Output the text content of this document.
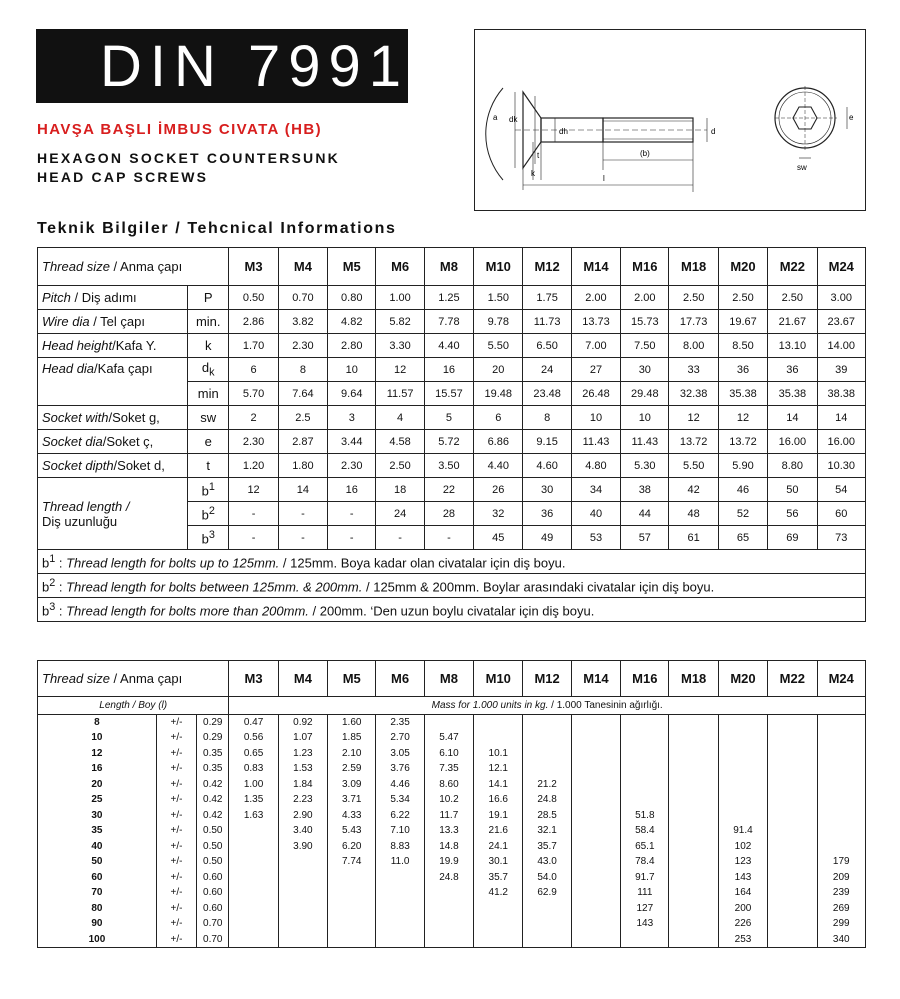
DIN 7991
HAVŞA BAŞLI İMBUS CIVATA (HB)
HEXAGON SOCKET COUNTERSUNK
HEAD CAP SCREWS
a dk
dh	d
(b)
l
t
k
e
sw
Teknik Bilgiler / Tehcnical Informations
Thread size / Anma çapı		M3	M4	M5	M6	M8	M10	M12	M14	M16	M18	M20	M22	M24
Pitch / Diş adımı	P	0.50	0.70	0.80	1.00	1.25	1.50	1.75	2.00	2.00	2.50	2.50	2.50	3.00
Wire dia / Tel çapı	min.	2.86	3.82	4.82	5.82	7.78	9.78	11.73	13.73	15.73	17.73	19.67	21.67	23.67
Head height/Kafa Y.	k	1.70	2.30	2.80	3.30	4.40	5.50	6.50	7.00	7.50	8.00	8.50	13.10	14.00
Head dia/Kafa çapı	$d_k$	6	8	10	12	16	20	24	27	30	33	36	36	39
	min	5.70	7.64	9.64	11.57	15.57	19.48	23.48	26.48	29.48	32.38	35.38	35.38	38.38
Socket with/Soket g,	sw	2	2.5	3	4	5	6	8	10	10	12	12	14	14
Socket dia/Soket ç,	e	2.30	2.87	3.44	4.58	5.72	6.86	9.15	11.43	11.43	13.72	13.72	16.00	16.00
Socket dipth/Soket d,	t	1.20	1.80	2.30	2.50	3.50	4.40	4.60	4.80	5.30	5.50	5.90	8.80	10.30

Thread length /
Diş uzunluğu	$b^1$	12	14	16	18	22	26	30	34	38	42	46	50	54
	$b^2$	-	-	-	24	28	32	36	40	44	48	52	56	60
	$b^3$	-	-	-	-	-	45	49	53	57	61	65	69	73
$b^1$ : Thread length for bolts up to 125mm. / 125mm. Boya kadar olan civatalar için diş boyu.														
$b^2$ : Thread length for bolts between 125mm. & 200mm. / 125mm & 200mm. Boylar arasındaki civatalar için diş boyu.														
$b^3$ : Thread length for bolts more than 200mm. / 200mm. ‘Den uzun boylu civatalar için diş boyu.														
Thread size / Anma çapı			M3	M4	M5	M6	M8	M10	M12	M14	M16	M18	M20	M22	M24
Length / Boy (l)			Mass for 1.000 units in kg. / 1.000 Tanesinin ağırlığı.												
8	+/-	0.29	0.47	0.92	1.60	2.35									
10	+/-	0.29	0.56	1.07	1.85	2.70	5.47								
12	+/-	0.35	0.65	1.23	2.10	3.05	6.10	10.1							
16	+/-	0.35	0.83	1.53	2.59	3.76	7.35	12.1							
20	+/-	0.42	1.00	1.84	3.09	4.46	8.60	14.1	21.2						
25	+/-	0.42	1.35	2.23	3.71	5.34	10.2	16.6	24.8						
30	+/-	0.42	1.63	2.90	4.33	6.22	11.7	19.1	28.5		51.8				
35	+/-	0.50		3.40	5.43	7.10	13.3	21.6	32.1		58.4		91.4		
40	+/-	0.50		3.90	6.20	8.83	14.8	24.1	35.7		65.1		102		
50	+/-	0.50			7.74	11.0	19.9	30.1	43.0		78.4		123		179
60	+/-	0.60					24.8	35.7	54.0		91.7		143		209
70	+/-	0.60						41.2	62.9		111		164		239
80	+/-	0.60									127		200		269
90	+/-	0.70									143		226		299
100	+/-	0.70											253		340
